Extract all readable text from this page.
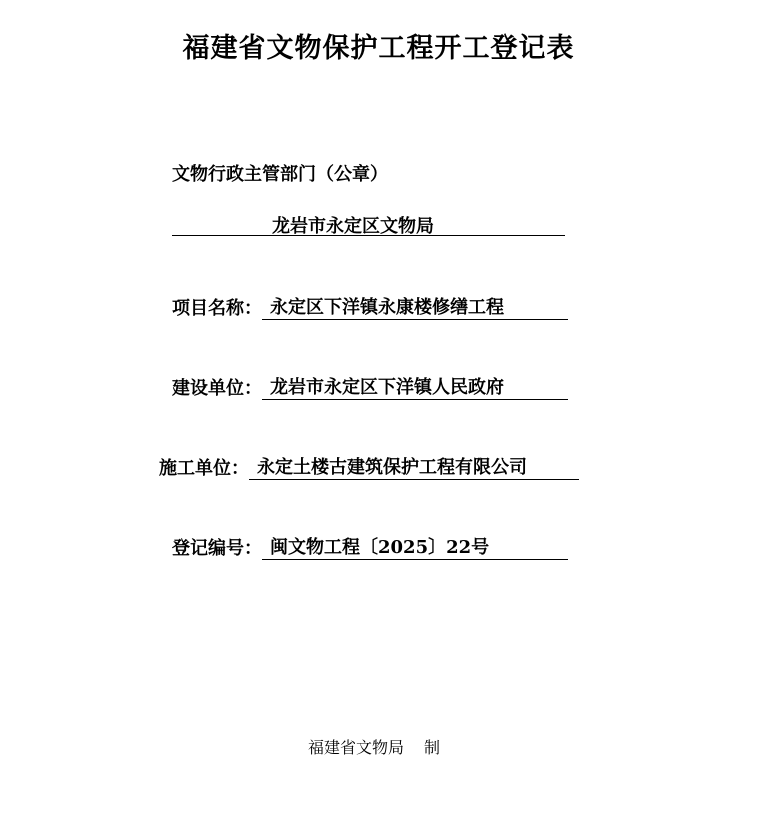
福建省文物保护工程开工登记表
文物行政主管部门（公章）
龙岩市永定区文物局
项目名称： 永定区下洋镇永康楼修缮工程
建设单位： 龙岩市永定区下洋镇人民政府
施工单位： 永定土楼古建筑保护工程有限公司
登记编号： 闽文物工程〔2025〕22号
福建省文物局 制
